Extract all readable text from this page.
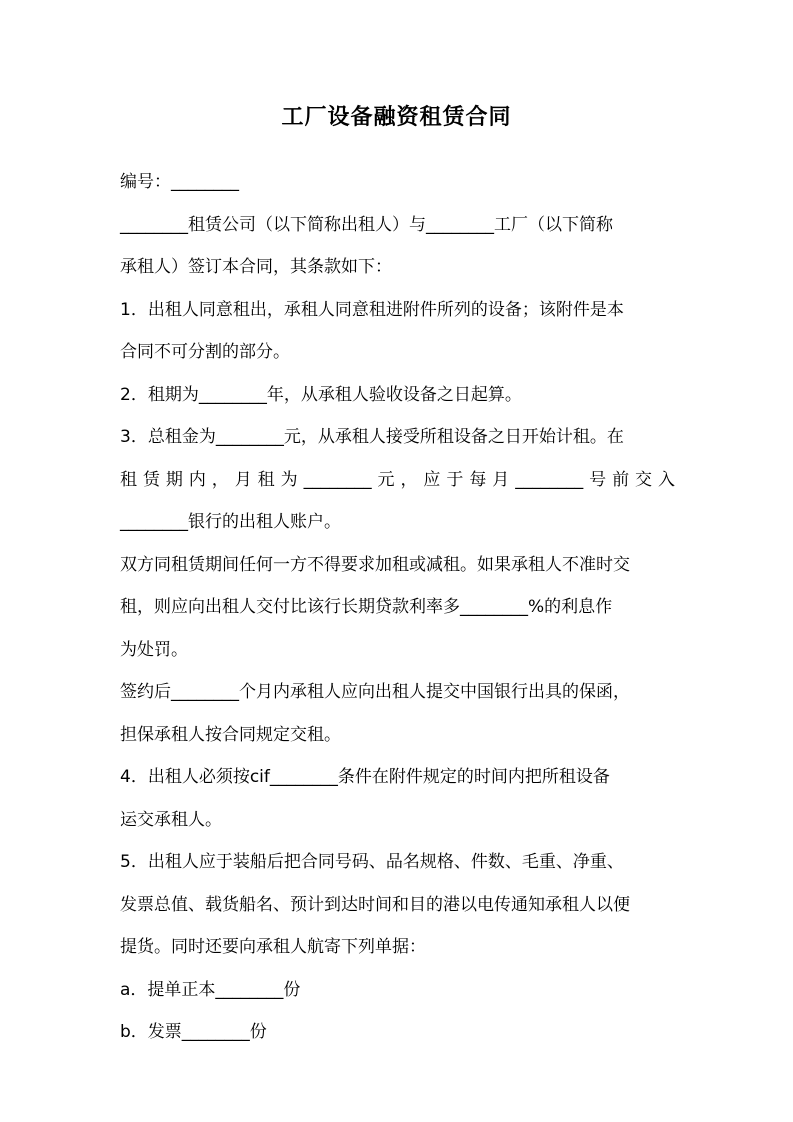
工厂设备融资租赁合同
编号：________
________租赁公司（以下简称出租人）与________工厂（以下简称
承租人）签订本合同，其条款如下：
1．出租人同意租出，承租人同意租进附件所列的设备；该附件是本
合同不可分割的部分。
2．租期为________年，从承租人验收设备之日起算。
3．总租金为________元，从承租人接受所租设备之日开始计租。在
租赁期内，月租为________元，应于每月________号前交入
________银行的出租人账户。
双方同租赁期间任何一方不得要求加租或减租。如果承租人不准时交
租，则应向出租人交付比该行长期贷款利率多________%的利息作
为处罚。
签约后________个月内承租人应向出租人提交中国银行出具的保函，
担保承租人按合同规定交租。
4．出租人必须按cif________条件在附件规定的时间内把所租设备
运交承租人。
5．出租人应于装船后把合同号码、品名规格、件数、毛重、净重、
发票总值、载货船名、预计到达时间和目的港以电传通知承租人以便
提货。同时还要向承租人航寄下列单据：
a．提单正本________份
b．发票________份
